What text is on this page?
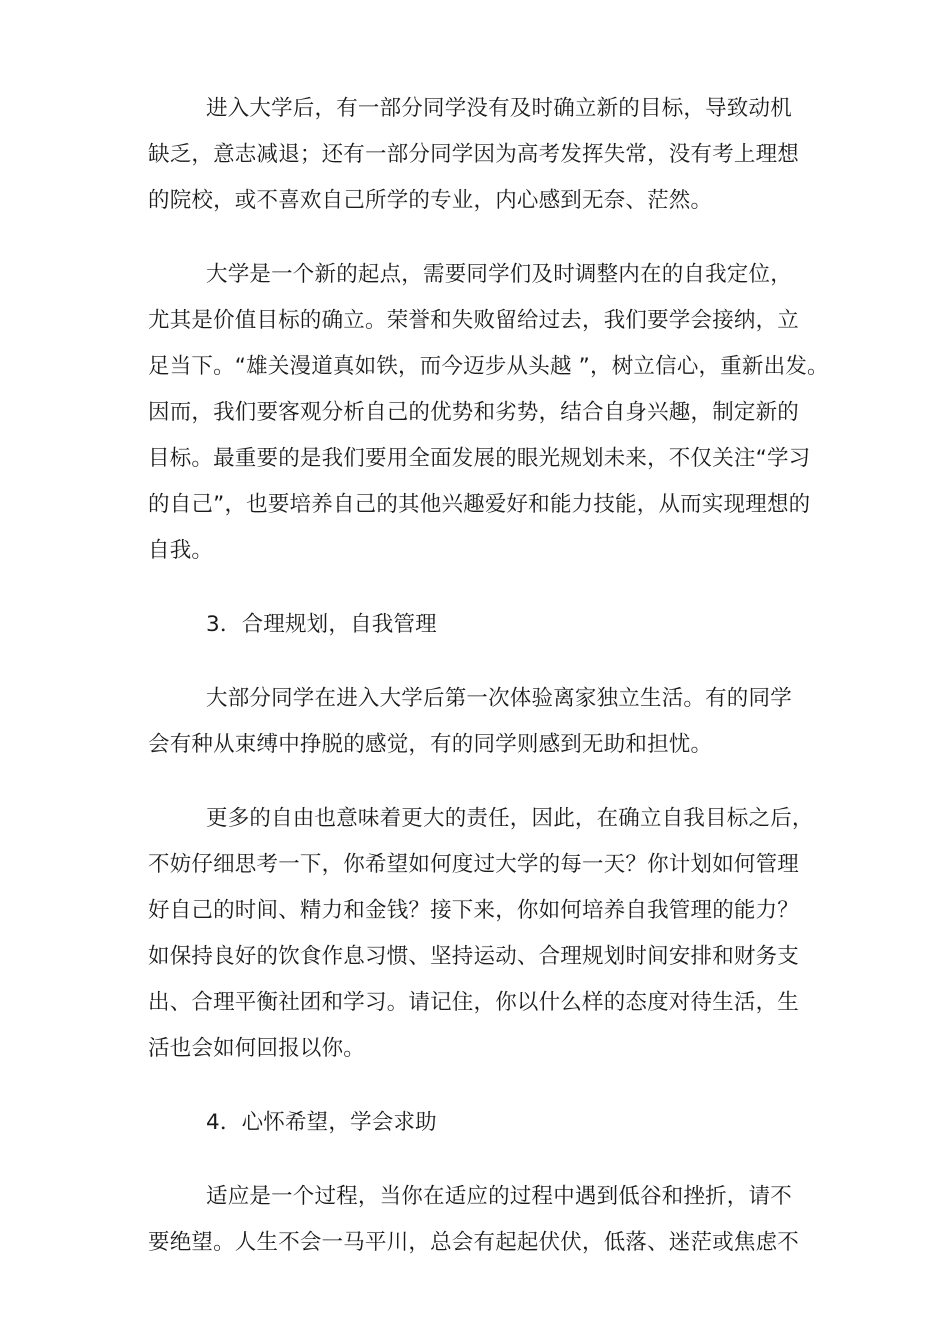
进入大学后，有一部分同学没有及时确立新的目标，导致动机
缺乏，意志减退；还有一部分同学因为高考发挥失常，没有考上理想
的院校，或不喜欢自己所学的专业，内心感到无奈、茫然。
大学是一个新的起点，需要同学们及时调整内在的自我定位，
尤其是价值目标的确立。荣誉和失败留给过去，我们要学会接纳，立
足当下。“雄关漫道真如铁，而今迈步从头越 ”，树立信心，重新出发。
因而，我们要客观分析自己的优势和劣势，结合自身兴趣，制定新的
目标。最重要的是我们要用全面发展的眼光规划未来，不仅关注“学习
的自己”，也要培养自己的其他兴趣爱好和能力技能，从而实现理想的
自我。
3．合理规划，自我管理
大部分同学在进入大学后第一次体验离家独立生活。有的同学
会有种从束缚中挣脱的感觉，有的同学则感到无助和担忧。
更多的自由也意味着更大的责任，因此，在确立自我目标之后，
不妨仔细思考一下，你希望如何度过大学的每一天？你计划如何管理
好自己的时间、精力和金钱？接下来，你如何培养自我管理的能力？
如保持良好的饮食作息习惯、坚持运动、合理规划时间安排和财务支
出、合理平衡社团和学习。请记住，你以什么样的态度对待生活，生
活也会如何回报以你。
4．心怀希望，学会求助
适应是一个过程，当你在适应的过程中遇到低谷和挫折，请不
要绝望。人生不会一马平川，总会有起起伏伏，低落、迷茫或焦虑不
